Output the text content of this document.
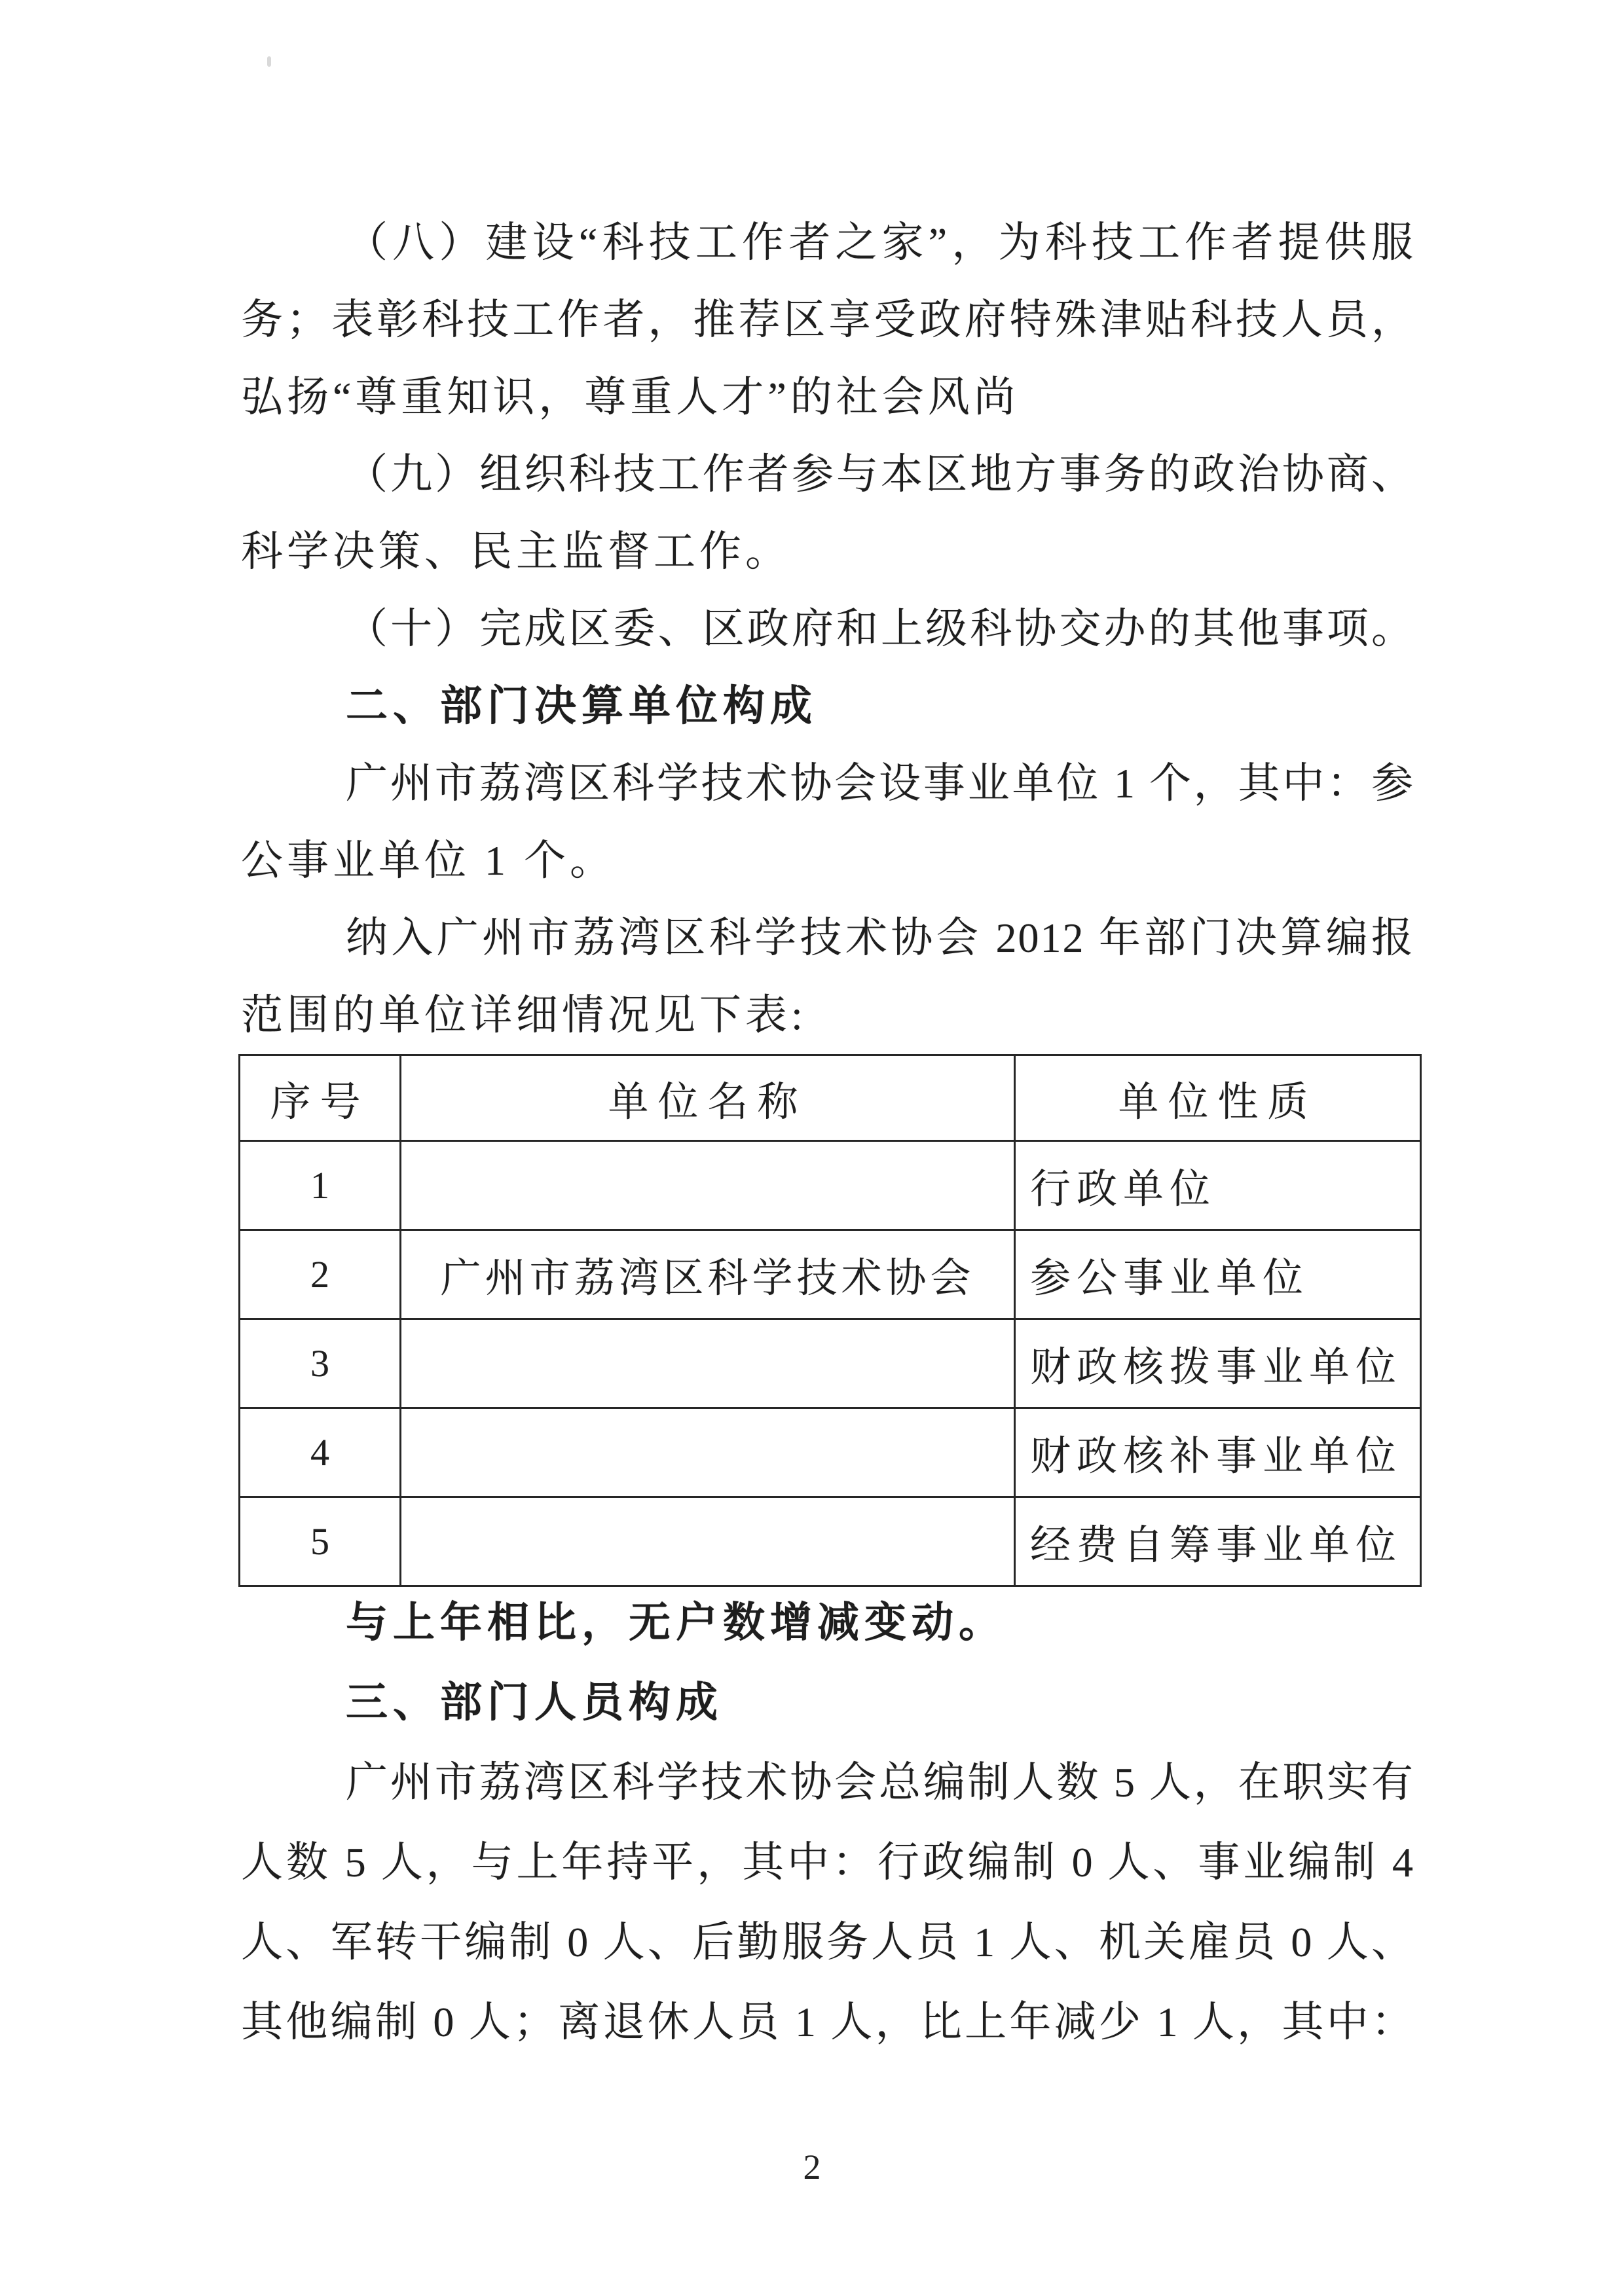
（八）建设“科技工作者之家”，为科技工作者提供服
务；表彰科技工作者，推荐区享受政府特殊津贴科技人员，
弘扬“尊重知识，尊重人才”的社会风尚
（九）组织科技工作者参与本区地方事务的政治协商、
科学决策、民主监督工作。
（十）完成区委、区政府和上级科协交办的其他事项。
二、部门决算单位构成
广州市荔湾区科学技术协会设事业单位 1 个，其中：参
公事业单位 1 个。
纳入广州市荔湾区科学技术协会 2012 年部门决算编报
范围的单位详细情况见下表:
序号	单位名称	单位性质
1		行政单位
2	广州市荔湾区科学技术协会	参公事业单位
3		财政核拨事业单位
4		财政核补事业单位
5		经费自筹事业单位
与上年相比，无户数增减变动。
三、部门人员构成
广州市荔湾区科学技术协会总编制人数 5 人，在职实有
人数 5 人，与上年持平，其中：行政编制 0 人、事业编制 4
人、军转干编制 0 人、后勤服务人员 1 人、机关雇员 0 人、
其他编制 0 人；离退休人员 1 人，比上年减少 1 人，其中：
2
